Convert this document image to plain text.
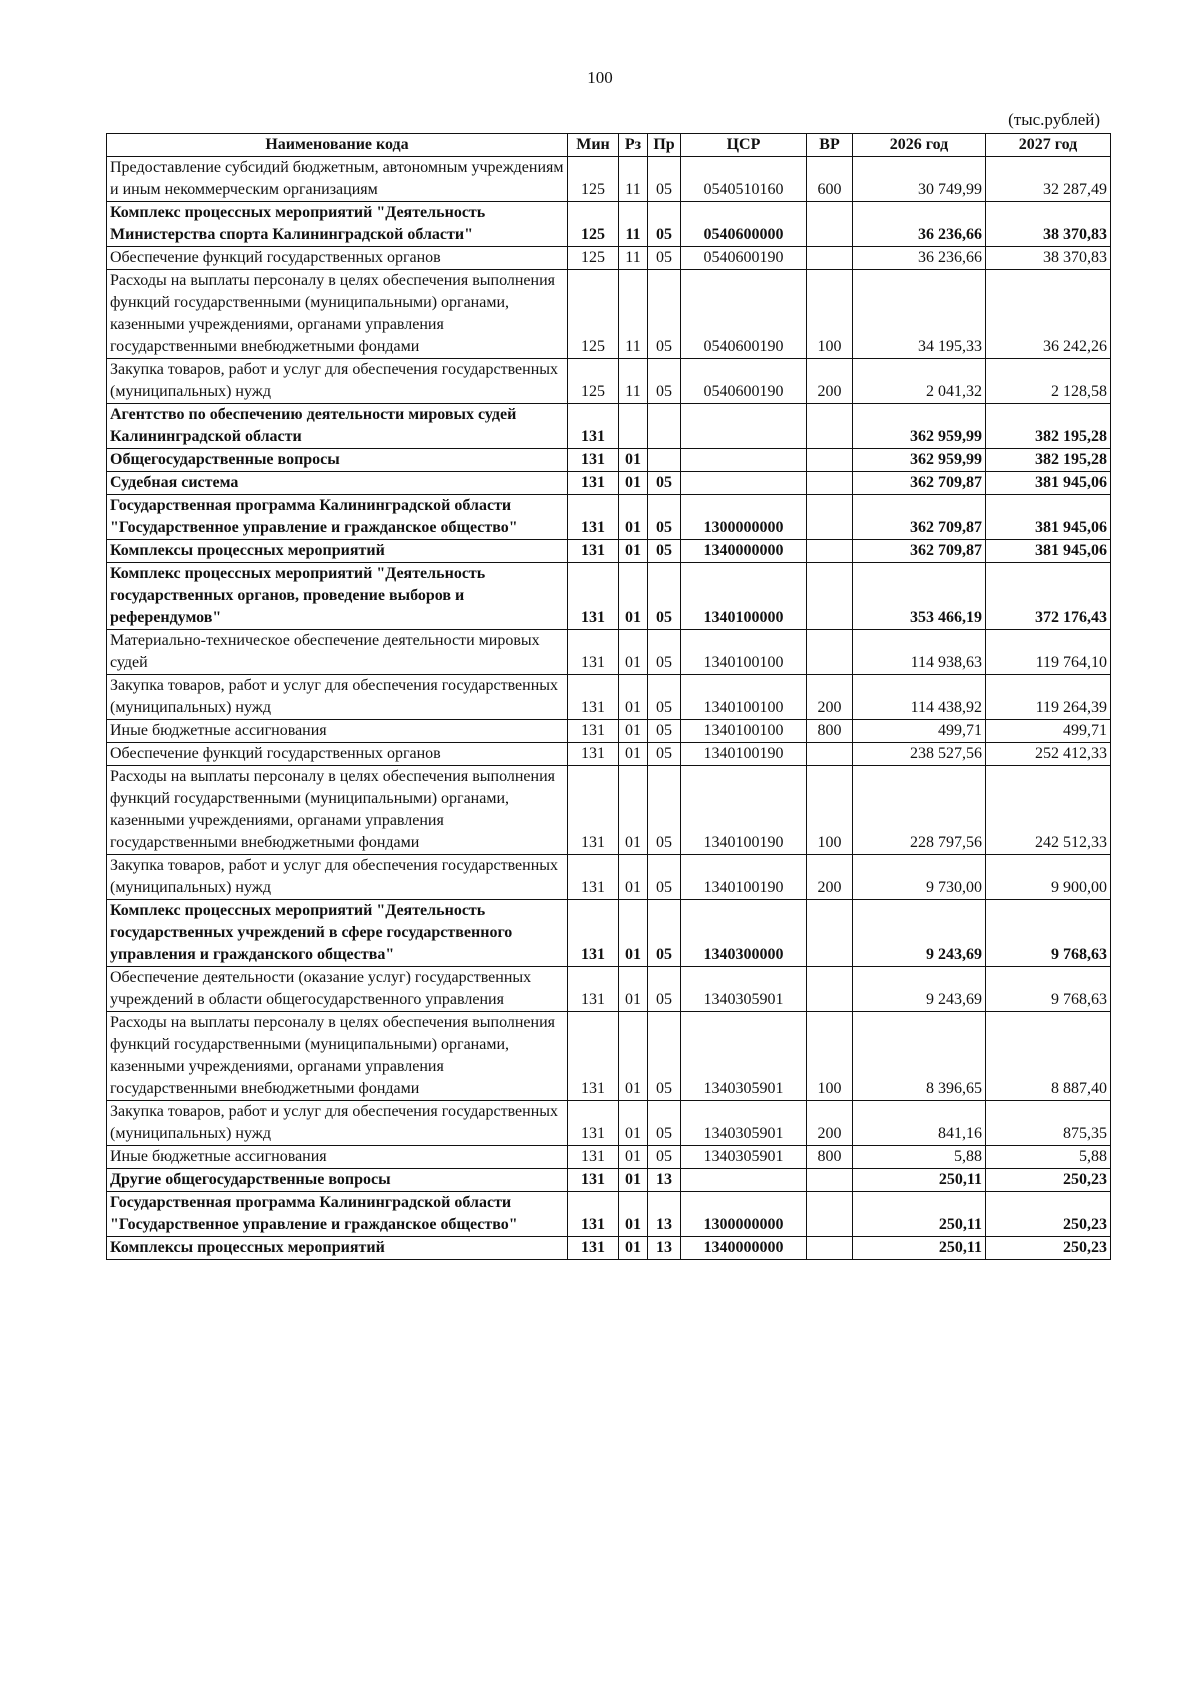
100
(тыс.рублей)
Наименование кода	Мин	Рз	Пр	ЦСР	ВР	2026 год	2027 год
Предоставление субсидий бюджетным, автономным учреждениям и иным некоммерческим организациям	125	11	05	0540510160	600	30 749,99	32 287,49
Комплекс процессных мероприятий "Деятельность Министерства спорта Калининградской области"	125	11	05	0540600000		36 236,66	38 370,83
Обеспечение функций государственных органов	125	11	05	0540600190		36 236,66	38 370,83
Расходы на выплаты персоналу в целях обеспечения выполнения функций государственными (муниципальными) органами, казенными учреждениями, органами управления государственными внебюджетными фондами	125	11	05	0540600190	100	34 195,33	36 242,26
Закупка товаров, работ и услуг для обеспечения государственных (муниципальных) нужд	125	11	05	0540600190	200	2 041,32	2 128,58
Агентство по обеспечению деятельности мировых судей Калининградской области	131					362 959,99	382 195,28
Общегосударственные вопросы	131	01				362 959,99	382 195,28
Судебная система	131	01	05			362 709,87	381 945,06
Государственная программа Калининградской области "Государственное управление и гражданское общество"	131	01	05	1300000000		362 709,87	381 945,06
Комплексы процессных мероприятий	131	01	05	1340000000		362 709,87	381 945,06
Комплекс процессных мероприятий "Деятельность государственных органов, проведение выборов и референдумов"	131	01	05	1340100000		353 466,19	372 176,43
Материально-техническое обеспечение деятельности мировых судей	131	01	05	1340100100		114 938,63	119 764,10
Закупка товаров, работ и услуг для обеспечения государственных (муниципальных) нужд	131	01	05	1340100100	200	114 438,92	119 264,39
Иные бюджетные ассигнования	131	01	05	1340100100	800	499,71	499,71
Обеспечение функций государственных органов	131	01	05	1340100190		238 527,56	252 412,33
Расходы на выплаты персоналу в целях обеспечения выполнения функций государственными (муниципальными) органами, казенными учреждениями, органами управления государственными внебюджетными фондами	131	01	05	1340100190	100	228 797,56	242 512,33
Закупка товаров, работ и услуг для обеспечения государственных (муниципальных) нужд	131	01	05	1340100190	200	9 730,00	9 900,00
Комплекс процессных мероприятий "Деятельность государственных учреждений в сфере государственного управления и гражданского общества"	131	01	05	1340300000		9 243,69	9 768,63
Обеспечение деятельности (оказание услуг) государственных учреждений в области общегосударственного управления	131	01	05	1340305901		9 243,69	9 768,63
Расходы на выплаты персоналу в целях обеспечения выполнения функций государственными (муниципальными) органами, казенными учреждениями, органами управления государственными внебюджетными фондами	131	01	05	1340305901	100	8 396,65	8 887,40
Закупка товаров, работ и услуг для обеспечения государственных (муниципальных) нужд	131	01	05	1340305901	200	841,16	875,35
Иные бюджетные ассигнования	131	01	05	1340305901	800	5,88	5,88
Другие общегосударственные вопросы	131	01	13			250,11	250,23
Государственная программа Калининградской области "Государственное управление и гражданское общество"	131	01	13	1300000000		250,11	250,23
Комплексы процессных мероприятий	131	01	13	1340000000		250,11	250,23
